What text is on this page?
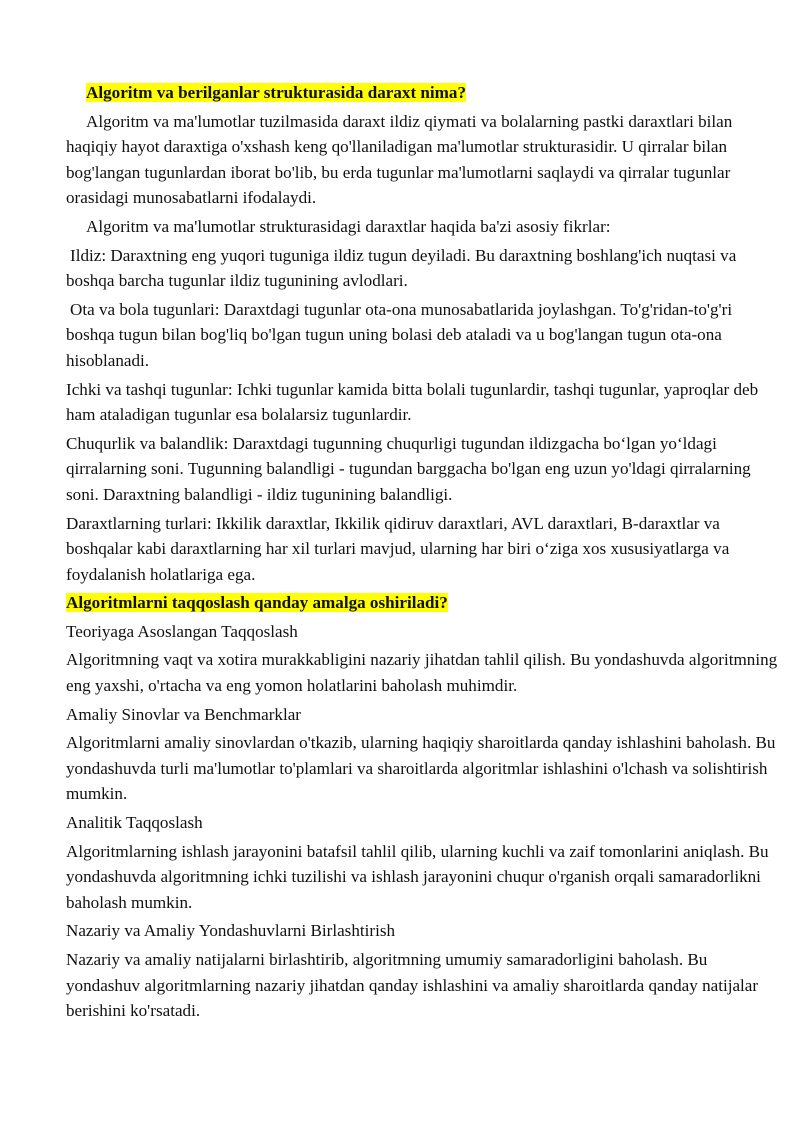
Algoritm va berilganlar strukturasida daraxt nima?

Algoritm va ma'lumotlar tuzilmasida daraxt ildiz qiymati va bolalarning pastki daraxtlari bilan haqiqiy hayot daraxtiga o'xshash keng qo'llaniladigan ma'lumotlar strukturasidir. U qirralar bilan bog'langan tugunlardan iborat bo'lib, bu erda tugunlar ma'lumotlarni saqlaydi va qirralar tugunlar orasidagi munosabatlarni ifodalaydi.

Algoritm va ma'lumotlar strukturasidagi daraxtlar haqida ba'zi asosiy fikrlar:

Ildiz: Daraxtning eng yuqori tuguniga ildiz tugun deyiladi. Bu daraxtning boshlang'ich nuqtasi va boshqa barcha tugunlar ildiz tugunining avlodlari.

Ota va bola tugunlari: Daraxtdagi tugunlar ota-ona munosabatlarida joylashgan. To'g'ridan-to'g'ri boshqa tugun bilan bog'liq bo'lgan tugun uning bolasi deb ataladi va u bog'langan tugun ota-ona hisoblanadi.

Ichki va tashqi tugunlar: Ichki tugunlar kamida bitta bolali tugunlardir, tashqi tugunlar, yaproqlar deb ham ataladigan tugunlar esa bolalarsiz tugunlardir.

Chuqurlik va balandlik: Daraxtdagi tugunning chuqurligi tugundan ildizgacha bo‘lgan yo‘ldagi qirralarning soni. Tugunning balandligi - tugundan barggacha bo'lgan eng uzun yo'ldagi qirralarning soni. Daraxtning balandligi - ildiz tugunining balandligi.

Daraxtlarning turlari: Ikkilik daraxtlar, Ikkilik qidiruv daraxtlari, AVL daraxtlari, B-daraxtlar va boshqalar kabi daraxtlarning har xil turlari mavjud, ularning har biri o‘ziga xos xususiyatlarga va foydalanish holatlariga ega.

Algoritmlarni taqqoslash qanday amalga oshiriladi?

Teoriyaga Asoslangan Taqqoslash

Algoritmning vaqt va xotira murakkabligini nazariy jihatdan tahlil qilish. Bu yondashuvda algoritmning eng yaxshi, o'rtacha va eng yomon holatlarini baholash muhimdir.

Amaliy Sinovlar va Benchmarklar

Algoritmlarni amaliy sinovlardan o'tkazib, ularning haqiqiy sharoitlarda qanday ishlashini baholash. Bu yondashuvda turli ma'lumotlar to'plamlari va sharoitlarda algoritmlar ishlashini o'lchash va solishtirish mumkin.

Analitik Taqqoslash

Algoritmlarning ishlash jarayonini batafsil tahlil qilib, ularning kuchli va zaif tomonlarini aniqlash. Bu yondashuvda algoritmning ichki tuzilishi va ishlash jarayonini chuqur o'rganish orqali samaradorlikni baholash mumkin.

Nazariy va Amaliy Yondashuvlarni Birlashtirish

Nazariy va amaliy natijalarni birlashtirib, algoritmning umumiy samaradorligini baholash. Bu yondashuv algoritmlarning nazariy jihatdan qanday ishlashini va amaliy sharoitlarda qanday natijalar berishini ko'rsatadi.
